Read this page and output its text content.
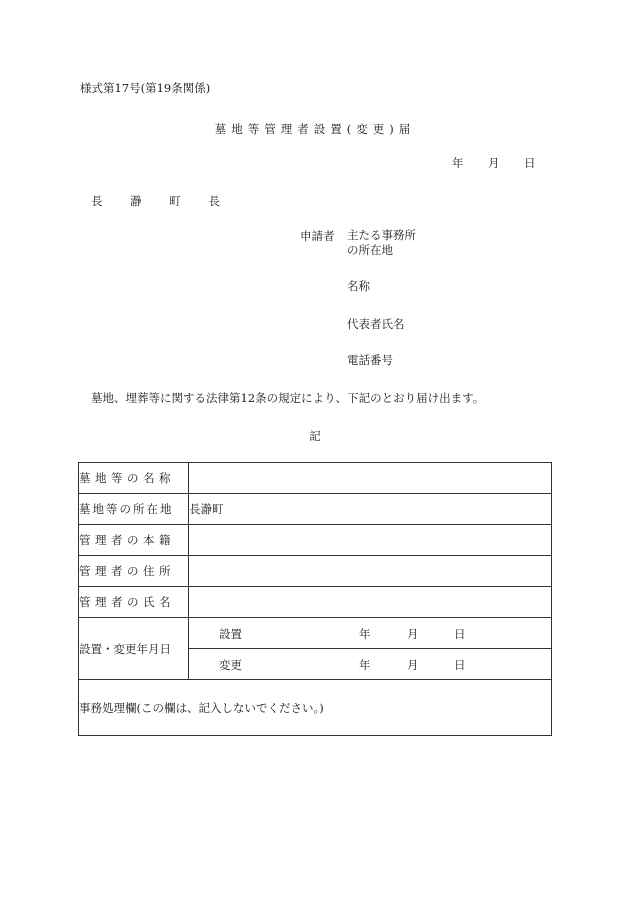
様式第17号(第19条関係)
墓地等管理者設置(変更)届
年 月 日
長 瀞 町 長
申請者 主たる事務所
の所在地
名称
代表者氏名
電話番号
墓地、埋葬等に関する法律第12条の規定により、下記のとおり届け出ます。
記
墓地等の名称	
墓地等の所在地	長瀞町
管理者の本籍	
管理者の住所	
管理者の氏名	
設置・変更年月日	設置 年 月 日

	変更 年 月 日

事務処理欄(この欄は、記入しないでください。)	
